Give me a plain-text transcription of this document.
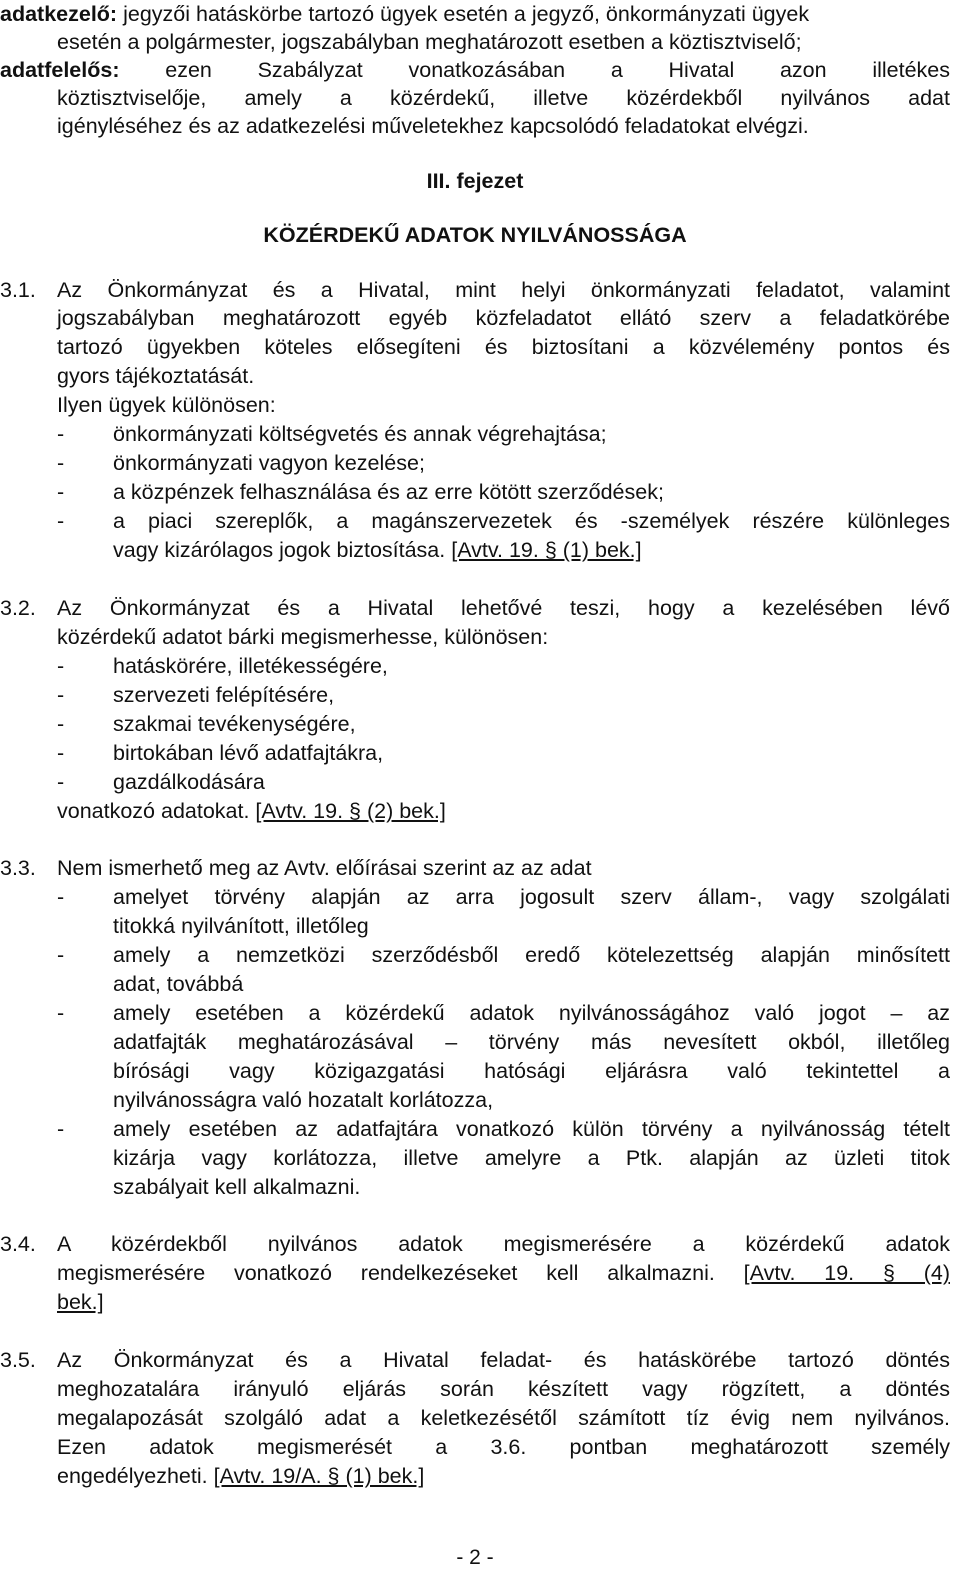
adatkezelő: jegyzői hatáskörbe tartozó ügyek esetén a jegyző, önkormányzati ügyek
esetén a polgármester, jogszabályban meghatározott esetben a köztisztviselő;
adatfelelős: ezen Szabályzat vonatkozásában a Hivatal azon illetékes
köztisztviselője, amely a közérdekű, illetve közérdekből nyilvános adat
igényléséhez és az adatkezelési műveletekhez kapcsolódó feladatokat elvégzi.
III. fejezet
KÖZÉRDEKŰ ADATOK NYILVÁNOSSÁGA
3.1. Az Önkormányzat és a Hivatal, mint helyi önkormányzati feladatot, valamint
jogszabályban meghatározott egyéb közfeladatot ellátó szerv a feladatkörébe
tartozó ügyekben köteles elősegíteni és biztosítani a közvélemény pontos és
gyors tájékoztatását.
Ilyen ügyek különösen:
-	önkormányzati költségvetés és annak végrehajtása;
-	önkormányzati vagyon kezelése;
-	a közpénzek felhasználása és az erre kötött szerződések;
-	a piaci szereplők, a magánszervezetek és -személyek részére különleges
vagy kizárólagos jogok biztosítása. [Avtv. 19. § (1) bek.]
3.2. Az Önkormányzat és a Hivatal lehetővé teszi, hogy a kezelésében lévő
közérdekű adatot bárki megismerhesse, különösen:
-	hatáskörére, illetékességére,
-	szervezeti felépítésére,
-	szakmai tevékenységére,
-	birtokában lévő adatfajtákra,
-	gazdálkodására
vonatkozó adatokat. [Avtv. 19. § (2) bek.]
3.3. Nem ismerhető meg az Avtv. előírásai szerint az az adat
-	amelyet törvény alapján az arra jogosult szerv állam-, vagy szolgálati
titokká nyilvánított, illetőleg
-	amely a nemzetközi szerződésből eredő kötelezettség alapján minősített
adat, továbbá
-	amely esetében a közérdekű adatok nyilvánosságához való jogot – az
adatfajták meghatározásával – törvény más nevesített okból, illetőleg
bírósági vagy közigazgatási hatósági eljárásra való tekintettel a
nyilvánosságra való hozatalt korlátozza,
-	amely esetében az adatfajtára vonatkozó külön törvény a nyilvánosság tételt
kizárja vagy korlátozza, illetve amelyre a Ptk. alapján az üzleti titok
szabályait kell alkalmazni.
3.4. A közérdekből nyilvános adatok megismerésére a közérdekű adatok
megismerésére vonatkozó rendelkezéseket kell alkalmazni. [Avtv. 19. § (4)
bek.]
3.5. Az Önkormányzat és a Hivatal feladat- és hatáskörébe tartozó döntés
meghozatalára irányuló eljárás során készített vagy rögzített, a döntés
megalapozását szolgáló adat a keletkezésétől számított tíz évig nem nyilvános.
Ezen adatok megismerését a 3.6. pontban meghatározott személy
engedélyezheti. [Avtv. 19/A. § (1) bek.]
- 2 -
